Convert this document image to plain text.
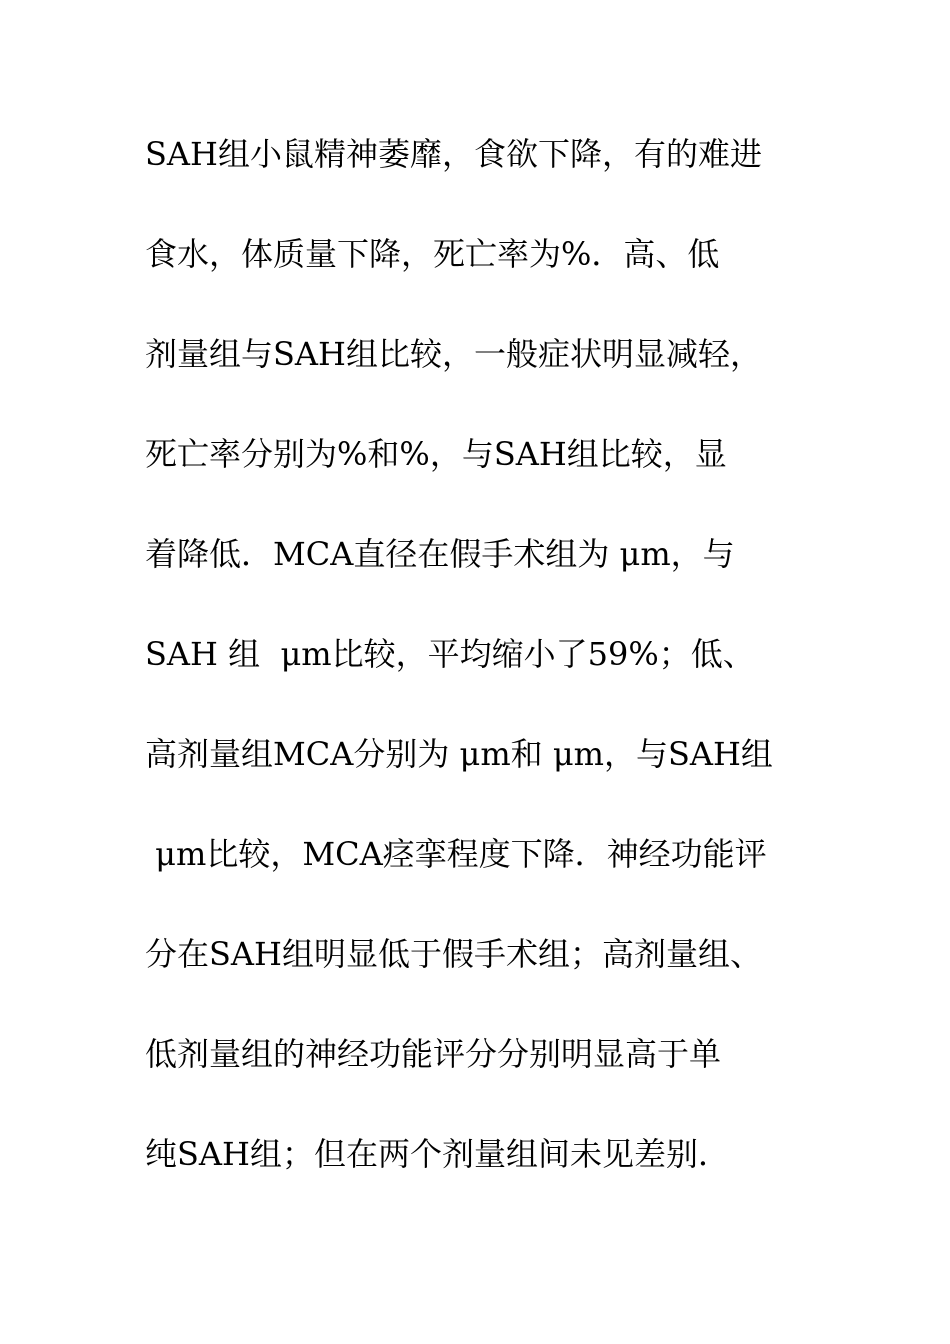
SAH组小鼠精神萎靡，食欲下降，有的难进
食水，体质量下降，死亡率为%．高、低
剂量组与SAH组比较，一般症状明显减轻，
死亡率分别为%和%，与SAH组比较，显
着降低．MCA直径在假手术组为 μm，与
SAH 组  μm比较，平均缩小了59%；低、
高剂量组MCA分别为 μm和 μm，与SAH组
μm比较，MCA痉挛程度下降．神经功能评
分在SAH组明显低于假手术组；高剂量组、
低剂量组的神经功能评分分别明显高于单
纯SAH组；但在两个剂量组间未见差别．
